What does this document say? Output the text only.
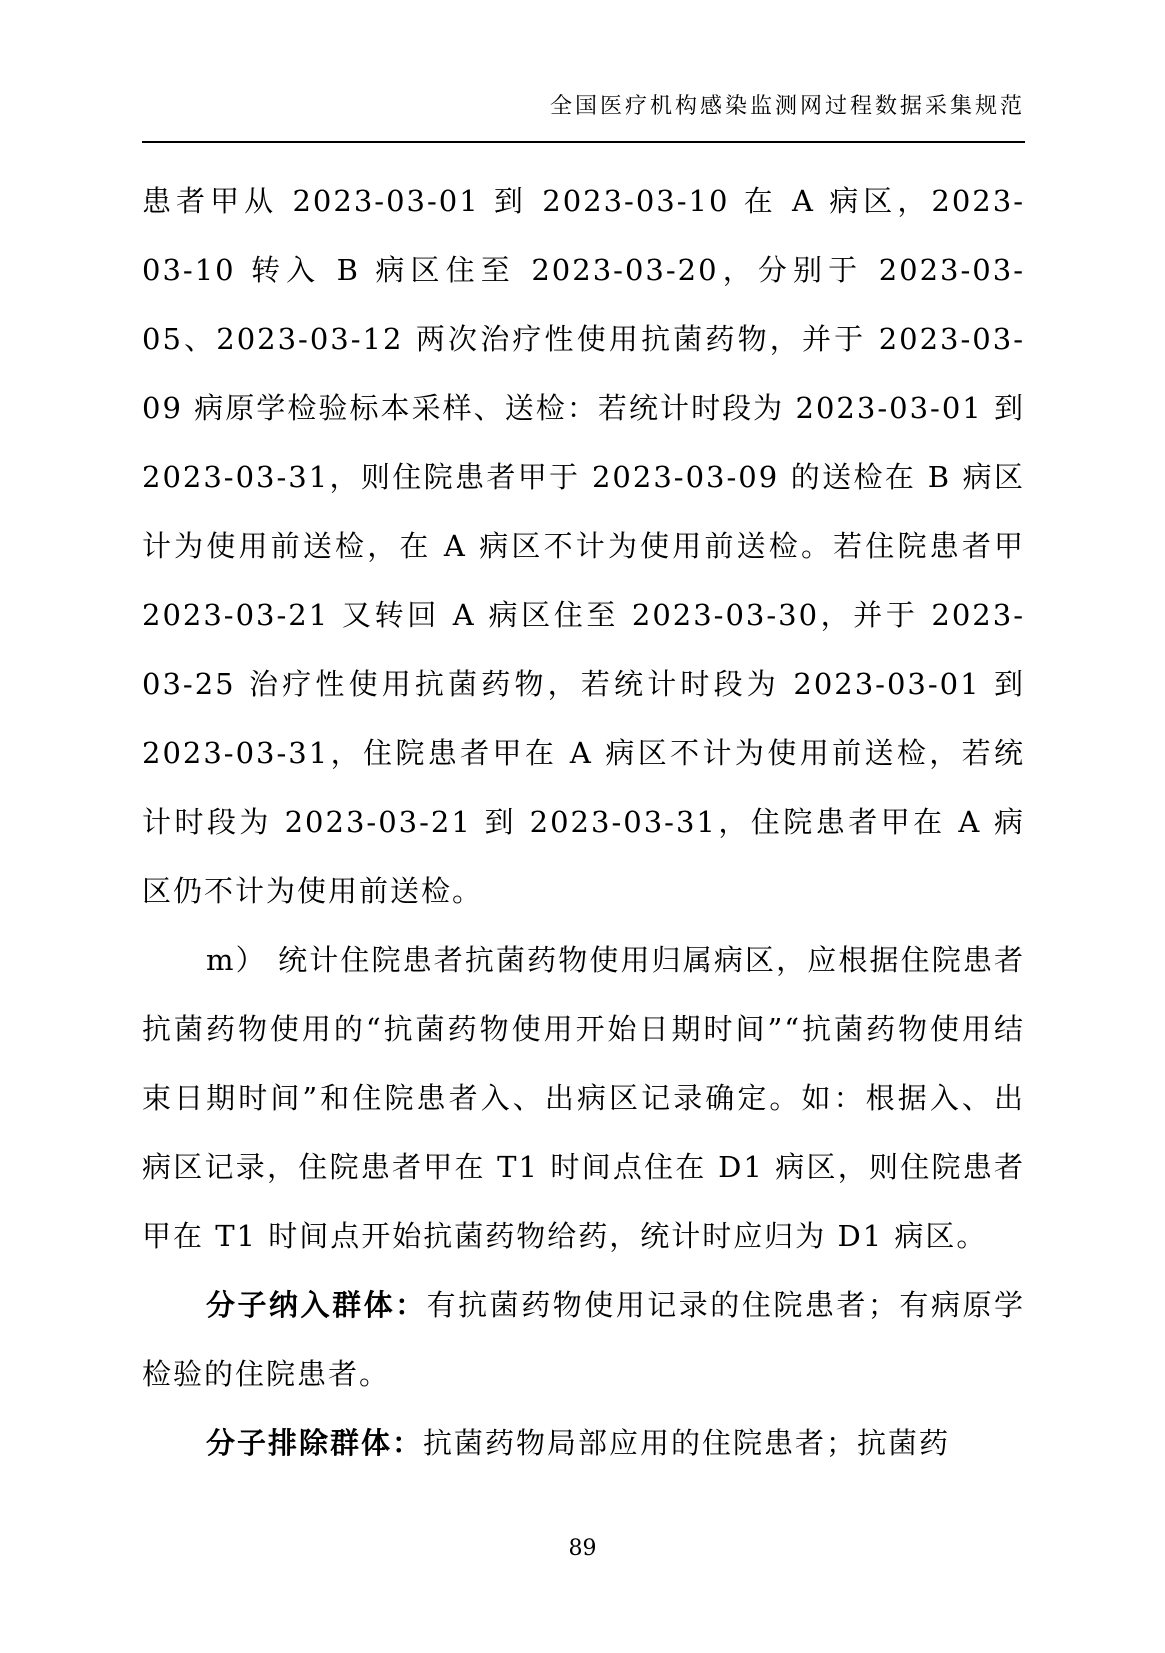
全国医疗机构感染监测网过程数据采集规范

患者甲从 2023-03-01 到 2023-03-10 在 A 病区，2023-03-10 转入 B 病区住至 2023-03-20，分别于 2023-03-05、2023-03-12 两次治疗性使用抗菌药物，并于 2023-03-09 病原学检验标本采样、送检：若统计时段为 2023-03-01 到 2023-03-31，则住院患者甲于 2023-03-09 的送检在 B 病区计为使用前送检，在 A 病区不计为使用前送检。若住院患者甲 2023-03-21 又转回 A 病区住至 2023-03-30，并于 2023-03-25 治疗性使用抗菌药物，若统计时段为 2023-03-01 到 2023-03-31，住院患者甲在 A 病区不计为使用前送检，若统计时段为 2023-03-21 到 2023-03-31，住院患者甲在 A 病区仍不计为使用前送检。

m） 统计住院患者抗菌药物使用归属病区，应根据住院患者抗菌药物使用的“抗菌药物使用开始日期时间”“抗菌药物使用结束日期时间”和住院患者入、出病区记录确定。如：根据入、出病区记录，住院患者甲在 T1 时间点住在 D1 病区，则住院患者甲在 T1 时间点开始抗菌药物给药，统计时应归为 D1 病区。

分子纳入群体：有抗菌药物使用记录的住院患者；有病原学检验的住院患者。

分子排除群体：抗菌药物局部应用的住院患者；抗菌药

89
